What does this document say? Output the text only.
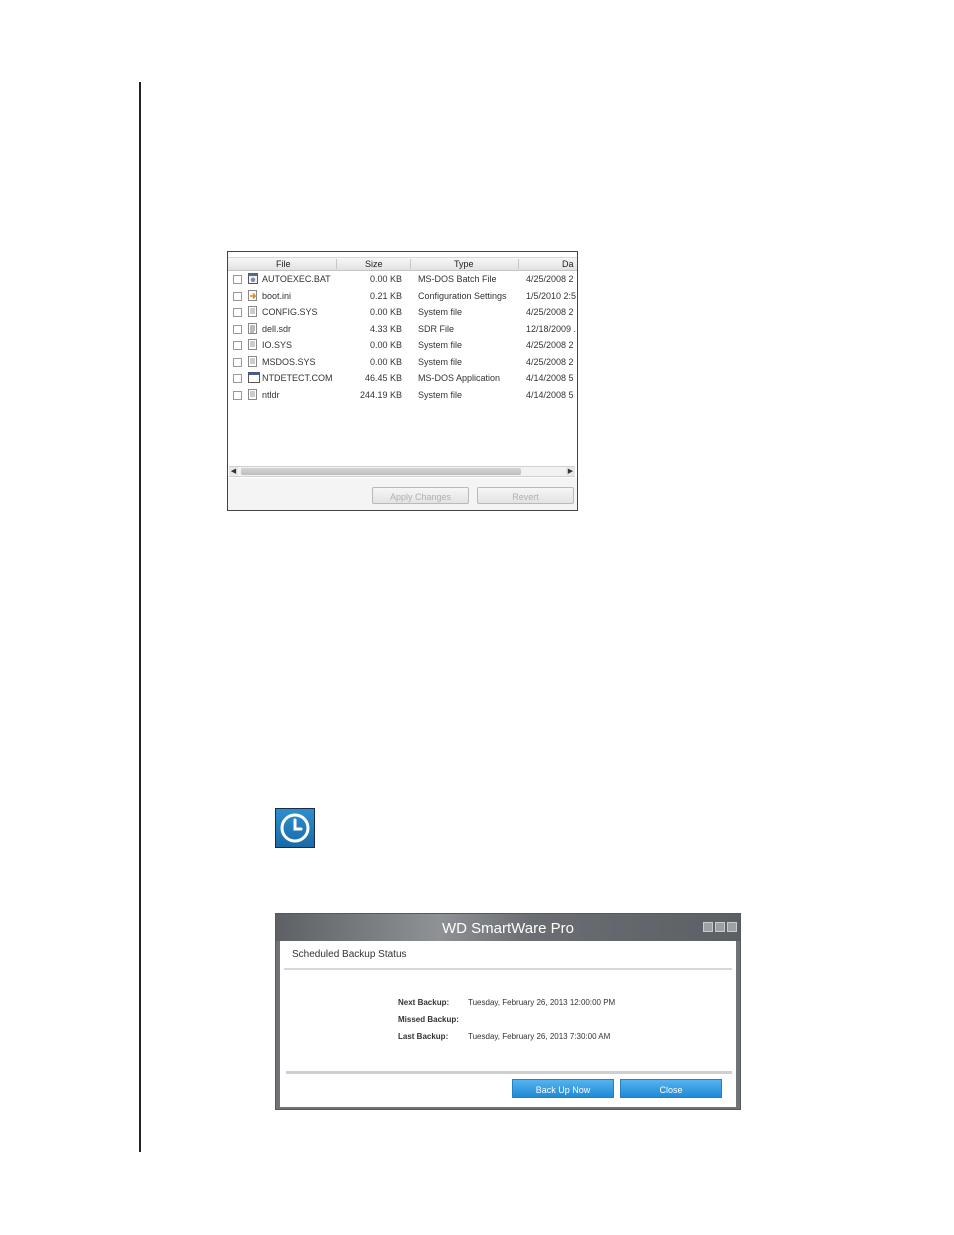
File	Size	Type	Da
AUTOEXEC.BAT	0.00 KB MS-DOS Batch File	4/25/2008 2
boot.ini	0.21 KB Configuration Settings 1/5/2010 2:5
CONFIG.SYS	0.00 KB System file	4/25/2008 2
dell.sdr	4.33 KB SDR File	12/18/2009 .
IO.SYS	0.00 KB System file	4/25/2008 2
MSDOS.SYS	0.00 KB System file	4/25/2008 2
NTDETECT.COM	46.45 KB MS-DOS Application	4/14/2008 5
ntldr	244.19 KB System file	4/14/2008 5
◀	▶
Apply Changes	Revert
WD SmartWare Pro
Scheduled Backup Status
Next Backup: Tuesday, February 26, 2013 12:00:00 PM
Missed Backup:
Last Backup: Tuesday, February 26, 2013 7:30:00 AM
Back Up Now	Close
